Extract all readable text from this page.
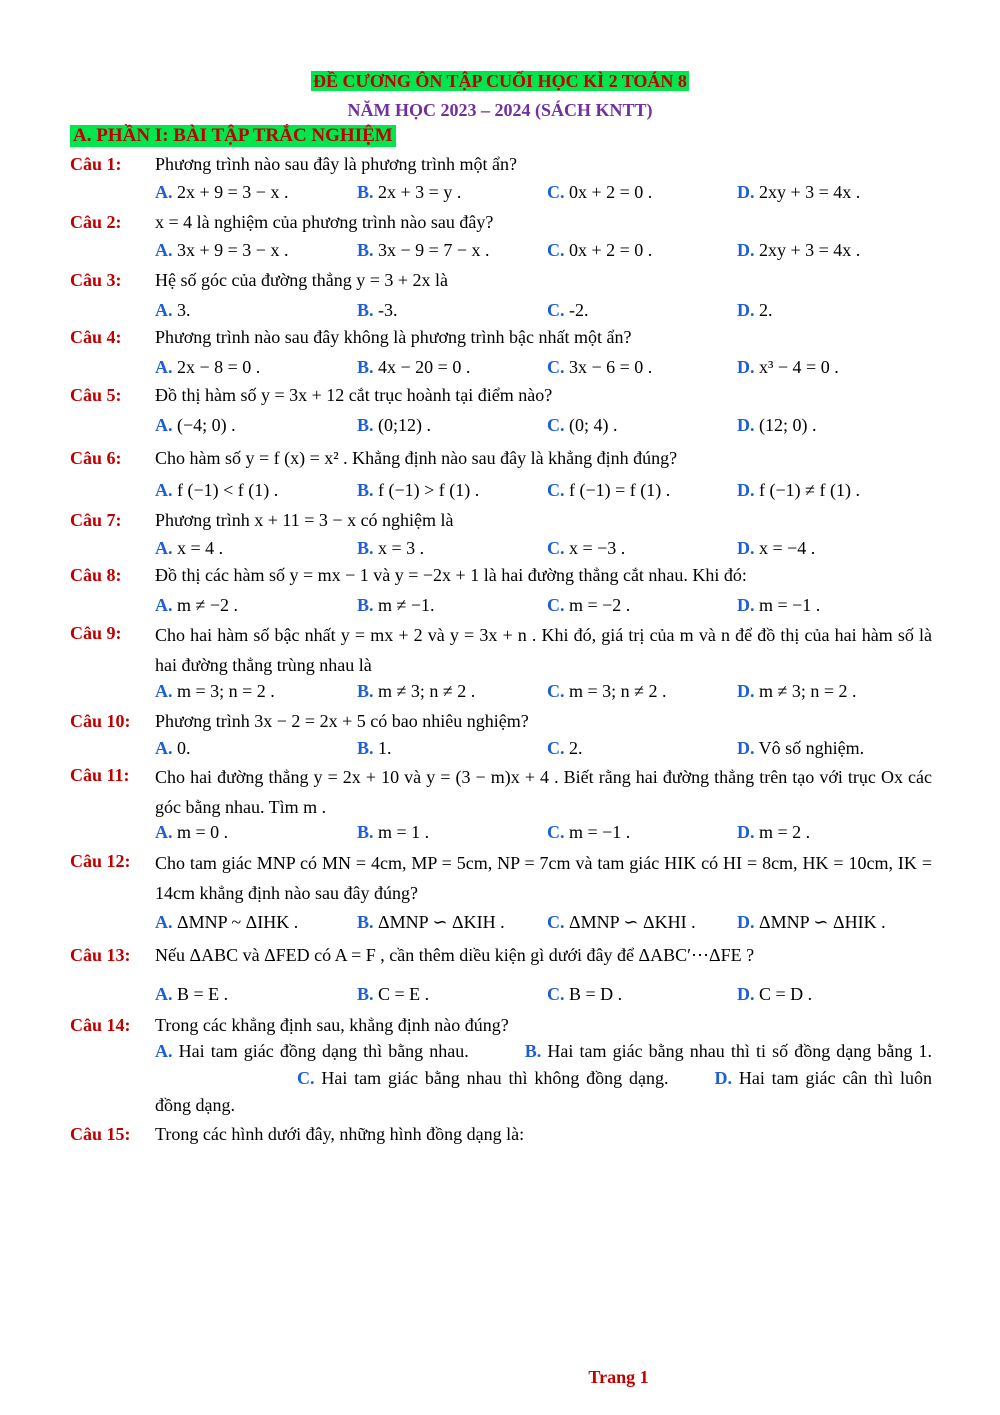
ĐỀ CƯƠNG ÔN TẬP CUỐI HỌC KÌ 2 TOÁN 8
NĂM HỌC 2023 – 2024 (SÁCH KNTT)
A. PHẦN I: BÀI TẬP TRẮC NGHIỆM
Câu 1: Phương trình nào sau đây là phương trình một ẩn?
A. 2x + 9 = 3 − x .	B. 2x + 3 = y .	C. 0x + 2 = 0 .	D. 2xy + 3 = 4x .
Câu 2: x = 4 là nghiệm của phương trình nào sau đây?
A. 3x + 9 = 3 − x .	B. 3x − 9 = 7 − x .	C. 0x + 2 = 0 .	D. 2xy + 3 = 4x .
Câu 3: Hệ số góc của đường thẳng y = 3 + 2x là
A. 3.	B. -3.	C. -2.	D. 2.
Câu 4: Phương trình nào sau đây không là phương trình bậc nhất một ẩn?
A. 2x − 8 = 0 .	B. 4x − 20 = 0 .	C. 3x − 6 = 0 .	D. x³ − 4 = 0 .
Câu 5: Đồ thị hàm số y = 3x + 12 cắt trục hoành tại điểm nào?
A. (−4; 0) .	B. (0;12) .	C. (0; 4) .	D. (12; 0) .
Câu 6: Cho hàm số y = f (x) = x² . Khẳng định nào sau đây là khẳng định đúng?
A. f (−1) < f (1) .	B. f (−1) > f (1) .	C. f (−1) = f (1) .	D. f (−1) ≠ f (1) .
Câu 7: Phương trình x + 11 = 3 − x có nghiệm là
A. x = 4 .	B. x = 3 .	C. x = −3 .	D. x = −4 .
Câu 8: Đồ thị các hàm số y = mx − 1 và y = −2x + 1 là hai đường thẳng cắt nhau. Khi đó:
A. m ≠ −2 .	B. m ≠ −1.	C. m = −2 .	D. m = −1 .
Câu 9: Cho hai hàm số bậc nhất y = mx + 2 và y = 3x + n . Khi đó, giá trị của m và n để đồ thị của hai hàm số là hai đường thẳng trùng nhau là
A. m = 3; n = 2 .	B. m ≠ 3; n ≠ 2 .	C. m = 3; n ≠ 2 .	D. m ≠ 3; n = 2 .
Câu 10: Phương trình 3x − 2 = 2x + 5 có bao nhiêu nghiệm?
A. 0.	B. 1.	C. 2.	D. Vô số nghiệm.
Câu 11: Cho hai đường thẳng y = 2x + 10 và y = (3 − m)x + 4 . Biết rằng hai đường thẳng trên tạo với trục Ox các góc bằng nhau. Tìm m .
A. m = 0 .	B. m = 1 .	C. m = −1 .	D. m = 2 .
Câu 12: Cho tam giác MNP có MN = 4cm, MP = 5cm, NP = 7cm và tam giác HIK có HI = 8cm, HK = 10cm, IK = 14cm khẳng định nào sau đây đúng?
A. ΔMNP ~ ΔIHK .	B. ΔMNP ∽ ΔKIH . C. ΔMNP ∽ ΔKHI . D. ΔMNP ∽ ΔHIK .
Câu 13: Nếu ΔABC và ΔFED có A = F , cần thêm diều kiện gì dưới đây để ΔABC′⋯ΔFE ?
A. B = E .	B. C = E .	C. B = D .	D. C = D .
Câu 14: Trong các khẳng định sau, khẳng định nào đúng?
A. Hai tam giác đồng dạng thì bằng nhau.	B. Hai tam giác bằng nhau thì ti số đồng dạng bằng 1.C. Hai tam giác bằng nhau thì không đồng dạng.	D. Hai tam giác cân thì luôn đồng dạng.
Câu 15: Trong các hình dưới đây, những hình đồng dạng là:
Trang 1
